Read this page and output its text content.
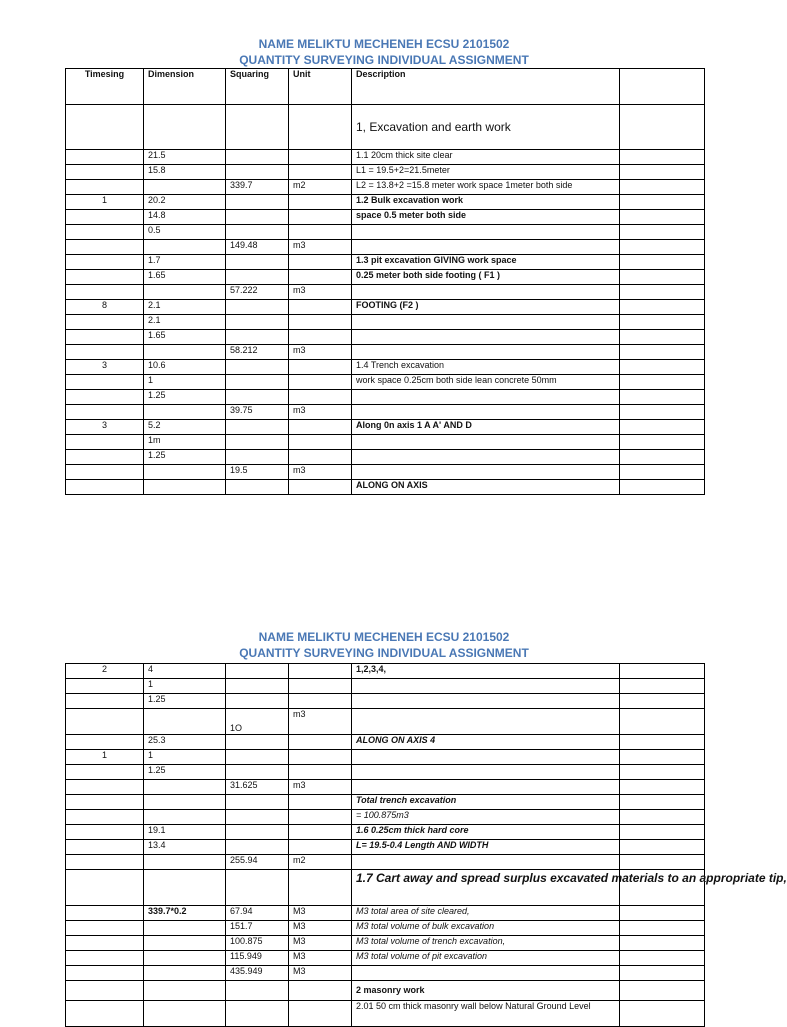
NAME MELIKTU MECHENEH ECSU 2101502
QUANTITY SURVEYING INDIVIDUAL ASSIGNMENT
Timesing	Dimension	Squaring	Unit	Description	
				1, Excavation and earth work	
	21.5			1.1 20cm thick site clear	
	15.8			L1 = 19.5+2=21.5meter	
		339.7	m2	L2 = 13.8+2 =15.8 meter work space 1meter both side	
1	20.2			1.2 Bulk excavation work	
	14.8			space 0.5 meter both side	
	0.5				
		149.48	m3		
	1.7			1.3 pit excavation GIVING work space	
	1.65			0.25 meter both side footing ( F1 )	
		57.222	m3		
8	2.1			FOOTING (F2 )	
	2.1				
	1.65				
		58.212	m3		
3	10.6			1.4 Trench excavation	
	1			work space 0.25cm both side lean concrete 50mm	
	1.25				
		39.75	m3		
3	5.2			Along 0n axis 1 A A' AND D	
	1m				
	1.25				
		19.5	m3		
				ALONG ON AXIS	
NAME MELIKTU MECHENEH ECSU 2101502
QUANTITY SURVEYING INDIVIDUAL ASSIGNMENT
2	4			1,2,3,4,	
	1				
	1.25				
		1O	m3		
	25.3			ALONG ON AXIS 4	
1	1				
	1.25				
		31.625	m3		
				Total trench excavation	
				= 100.875m3	
	19.1			1.6 0.25cm thick hard core	
	13.4			L= 19.5-0.4 Length AND WIDTH	
		255.94	m2		
				1.7 Cart away and spread surplus excavated materials to an appropriate tip,	
	339.7*0.2	67.94	M3	M3 total area of site cleared,	
		151.7	M3	M3 total volume of bulk excavation	
		100.875	M3	M3 total volume of trench excavation,	
		115.949	M3	M3 total volume of pit excavation	
		435.949	M3		
				2 masonry work	
				2.01 50 cm thick masonry wall below Natural Ground Level	
